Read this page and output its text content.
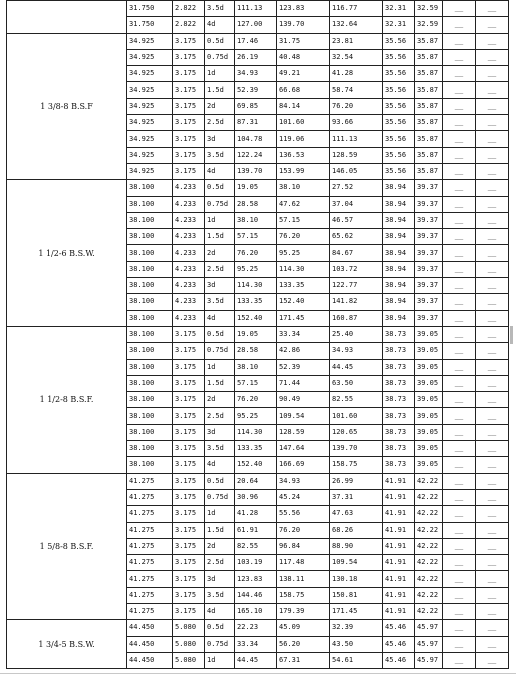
	31.750	2.822	3.5d	111.13	123.83	116.77	32.31	32.59	__	__
	31.750	2.822	4d	127.00	139.70	132.64	32.31	32.59	__	__
1 3/8-8 B.S.F	34.925	3.175	0.5d	17.46	31.75	23.81	35.56	35.87	__	__
	34.925	3.175	0.75d	26.19	40.48	32.54	35.56	35.87	__	__
	34.925	3.175	1d	34.93	49.21	41.28	35.56	35.87	__	__
	34.925	3.175	1.5d	52.39	66.68	58.74	35.56	35.87	__	__
	34.925	3.175	2d	69.85	84.14	76.20	35.56	35.87	__	__
	34.925	3.175	2.5d	87.31	101.60	93.66	35.56	35.87	__	__
	34.925	3.175	3d	104.78	119.06	111.13	35.56	35.87	__	__
	34.925	3.175	3.5d	122.24	136.53	128.59	35.56	35.87	__	__
	34.925	3.175	4d	139.70	153.99	146.05	35.56	35.87	__	__
1 1/2-6 B.S.W.	38.100	4.233	0.5d	19.05	38.10	27.52	38.94	39.37	__	__
	38.100	4.233	0.75d	28.58	47.62	37.04	38.94	39.37	__	__
	38.100	4.233	1d	38.10	57.15	46.57	38.94	39.37	__	__
	38.100	4.233	1.5d	57.15	76.20	65.62	38.94	39.37	__	__
	38.100	4.233	2d	76.20	95.25	84.67	38.94	39.37	__	__
	38.100	4.233	2.5d	95.25	114.30	103.72	38.94	39.37	__	__
	38.100	4.233	3d	114.30	133.35	122.77	38.94	39.37	__	__
	38.100	4.233	3.5d	133.35	152.40	141.82	38.94	39.37	__	__
	38.100	4.233	4d	152.40	171.45	160.87	38.94	39.37	__	__
1 1/2-8 B.S.F.	38.100	3.175	0.5d	19.05	33.34	25.40	38.73	39.05	__	__
	38.100	3.175	0.75d	28.58	42.86	34.93	38.73	39.05	__	__
	38.100	3.175	1d	38.10	52.39	44.45	38.73	39.05	__	__
	38.100	3.175	1.5d	57.15	71.44	63.50	38.73	39.05	__	__
	38.100	3.175	2d	76.20	90.49	82.55	38.73	39.05	__	__
	38.100	3.175	2.5d	95.25	109.54	101.60	38.73	39.05	__	__
	38.100	3.175	3d	114.30	128.59	120.65	38.73	39.05	__	__
	38.100	3.175	3.5d	133.35	147.64	139.70	38.73	39.05	__	__
	38.100	3.175	4d	152.40	166.69	158.75	38.73	39.05	__	__
1 5/8-8 B.S.F.	41.275	3.175	0.5d	20.64	34.93	26.99	41.91	42.22	__	__
	41.275	3.175	0.75d	30.96	45.24	37.31	41.91	42.22	__	__
	41.275	3.175	1d	41.28	55.56	47.63	41.91	42.22	__	__
	41.275	3.175	1.5d	61.91	76.20	68.26	41.91	42.22	__	__
	41.275	3.175	2d	82.55	96.84	88.90	41.91	42.22	__	__
	41.275	3.175	2.5d	103.19	117.48	109.54	41.91	42.22	__	__
	41.275	3.175	3d	123.83	138.11	130.18	41.91	42.22	__	__
	41.275	3.175	3.5d	144.46	158.75	150.81	41.91	42.22	__	__
	41.275	3.175	4d	165.10	179.39	171.45	41.91	42.22	__	__
1 3/4-5 B.S.W.	44.450	5.080	0.5d	22.23	45.09	32.39	45.46	45.97	__	__
	44.450	5.080	0.75d	33.34	56.20	43.50	45.46	45.97	__	__
	44.450	5.080	1d	44.45	67.31	54.61	45.46	45.97	__	__
